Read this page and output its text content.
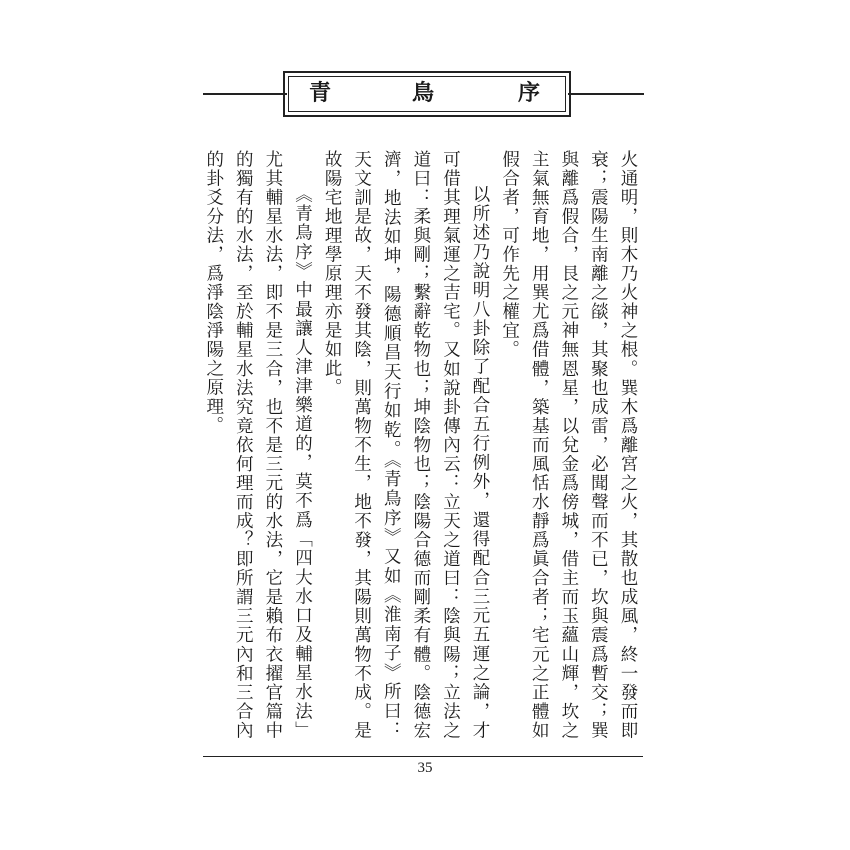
青	鳥	序

火通明，則木乃火神之根。巽木爲離宮之火，其散也成風，終一發而即衰；震陽生南離之燄，其聚也成雷，必聞聲而不已，坎與震爲暫交；巽與離爲假合，艮之元神無恩星，以兌金爲傍城，借主而玉蘊山輝，坎之主氣無育地，用巽尤爲借體，築基而風恬水靜爲眞合者；宅元之正體如假合者，可作先之權宜。

以所述乃說明八卦除了配合五行例外，還得配合三元五運之論，才可借其理氣運之吉宅。又如說卦傳內云：立天之道曰：陰與陽；立法之道曰：柔與剛；繫辭乾物也；坤陰物也；陰陽合德而剛柔有體。陰德宏濟，地法如坤，陽德順昌天行如乾。《青鳥序》又如《淮南子》所曰：天文訓是故，天不發其陰，則萬物不生，地不發，其陽則萬物不成。是故陽宅地理學原理亦是如此。

《青鳥序》中最讓人津津樂道的，莫不爲「四大水口及輔星水法」尤其輔星水法，即不是三合，也不是三元的水法，它是賴布衣擢官篇中的獨有的水法，至於輔星水法究竟依何理而成？即所謂三元內和三合內的卦爻分法，爲淨陰淨陽之原理。

35
